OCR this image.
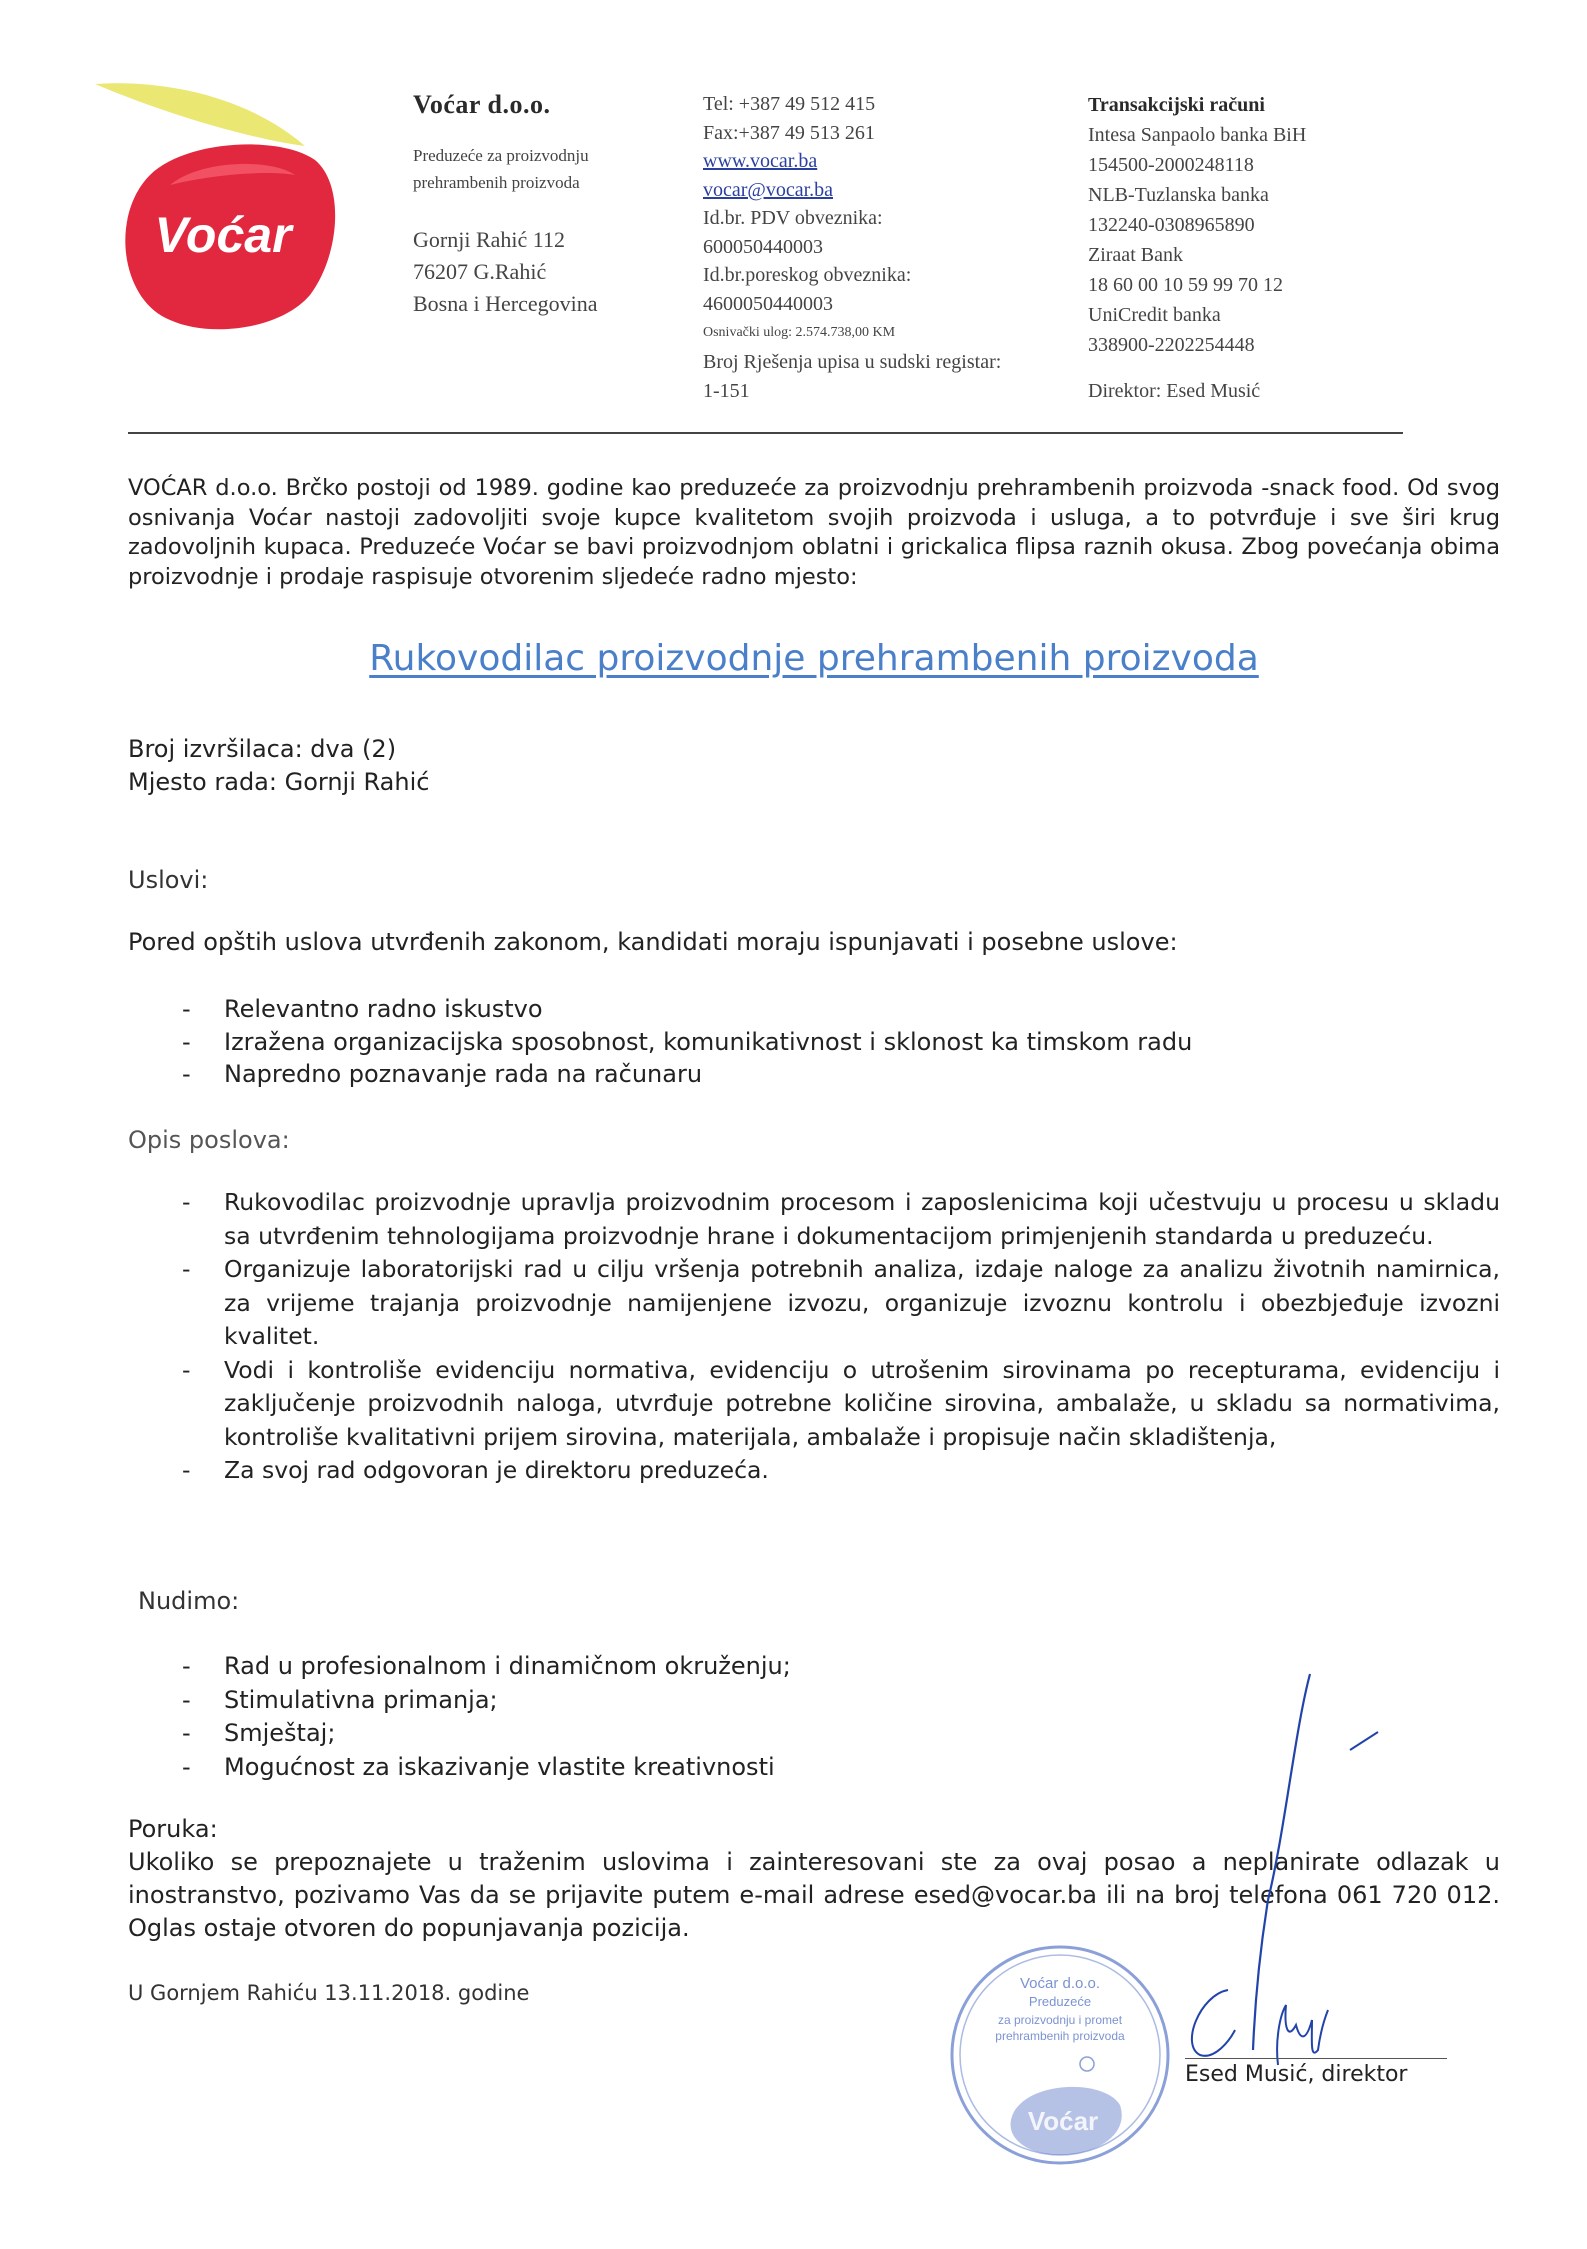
Voćar
Voćar d.o.o.
Preduzeće za proizvodnju
prehrambenih proizvoda
Gornji Rahić 112
76207 G.Rahić
Bosna i Hercegovina
Tel: +387 49 512 415
Fax:+387 49 513 261
www.vocar.ba
vocar@vocar.ba
Id.br. PDV obveznika:
600050440003
Id.br.poreskog obveznika:
4600050440003
Osnivački ulog: 2.574.738,00 KM
Broj Rješenja upisa u sudski registar:
1-151
Transakcijski računi
Intesa Sanpaolo banka BiH
154500-2000248118
NLB-Tuzlanska banka
132240-0308965890
Ziraat Bank
18 60 00 10 59 99 70 12
UniCredit banka
338900-2202254448
Direktor: Esed Musić
VOĆAR d.o.o. Brčko postoji od 1989. godine kao preduzeće za proizvodnju prehrambenih proizvoda -snack food. Od svog osnivanja Voćar nastoji zadovoljiti svoje kupce kvalitetom svojih proizvoda i usluga, a to potvrđuje i sve širi krug zadovoljnih kupaca. Preduzeće Voćar se bavi proizvodnjom oblatni i grickalica flipsa raznih okusa. Zbog povećanja obima proizvodnje i prodaje raspisuje otvorenim sljedeće radno mjesto:
Rukovodilac proizvodnje prehrambenih proizvoda
Broj izvršilaca: dva (2)
Mjesto rada: Gornji Rahić
Uslovi:
Pored opštih uslova utvrđenih zakonom, kandidati moraju ispunjavati i posebne uslove:
- Relevantno radno iskustvo
- Izražena organizacijska sposobnost, komunikativnost i sklonost ka timskom radu
- Napredno poznavanje rada na računaru
Opis poslova:
- Rukovodilac proizvodnje upravlja proizvodnim procesom i zaposlenicima koji učestvuju u procesu u skladu sa utvrđenim tehnologijama proizvodnje hrane i dokumentacijom primjenjenih standarda u preduzeću.
- Organizuje laboratorijski rad u cilju vršenja potrebnih analiza, izdaje naloge za analizu životnih namirnica, za vrijeme trajanja proizvodnje namijenjene izvozu, organizuje izvoznu kontrolu i obezbjeđuje izvozni kvalitet.
- Vodi i kontroliše evidenciju normativa, evidenciju o utrošenim sirovinama po recepturama, evidenciju i zaključenje proizvodnih naloga, utvrđuje potrebne količine sirovina, ambalaže, u skladu sa normativima, kontroliše kvalitativni prijem sirovina, materijala, ambalaže i propisuje način skladištenja,
- Za svoj rad odgovoran je direktoru preduzeća.
Nudimo:
- Rad u profesionalnom i dinamičnom okruženju;
- Stimulativna primanja;
- Smještaj;
- Mogućnost za iskazivanje vlastite kreativnosti
Poruka:
Ukoliko se prepoznajete u traženim uslovima i zainteresovani ste za ovaj posao a neplanirate odlazak u inostranstvo, pozivamo Vas da se prijavite putem e-mail adrese esed@vocar.ba ili na broj telefona 061 720 012. Oglas ostaje otvoren do popunjavanja pozicija.
U Gornjem Rahiću 13.11.2018. godine	Voćar d.o.o.
Preduzeće
za proizvodnju i promet
prehrambenih proizvoda
Voćar
Esed Musić, direktor
